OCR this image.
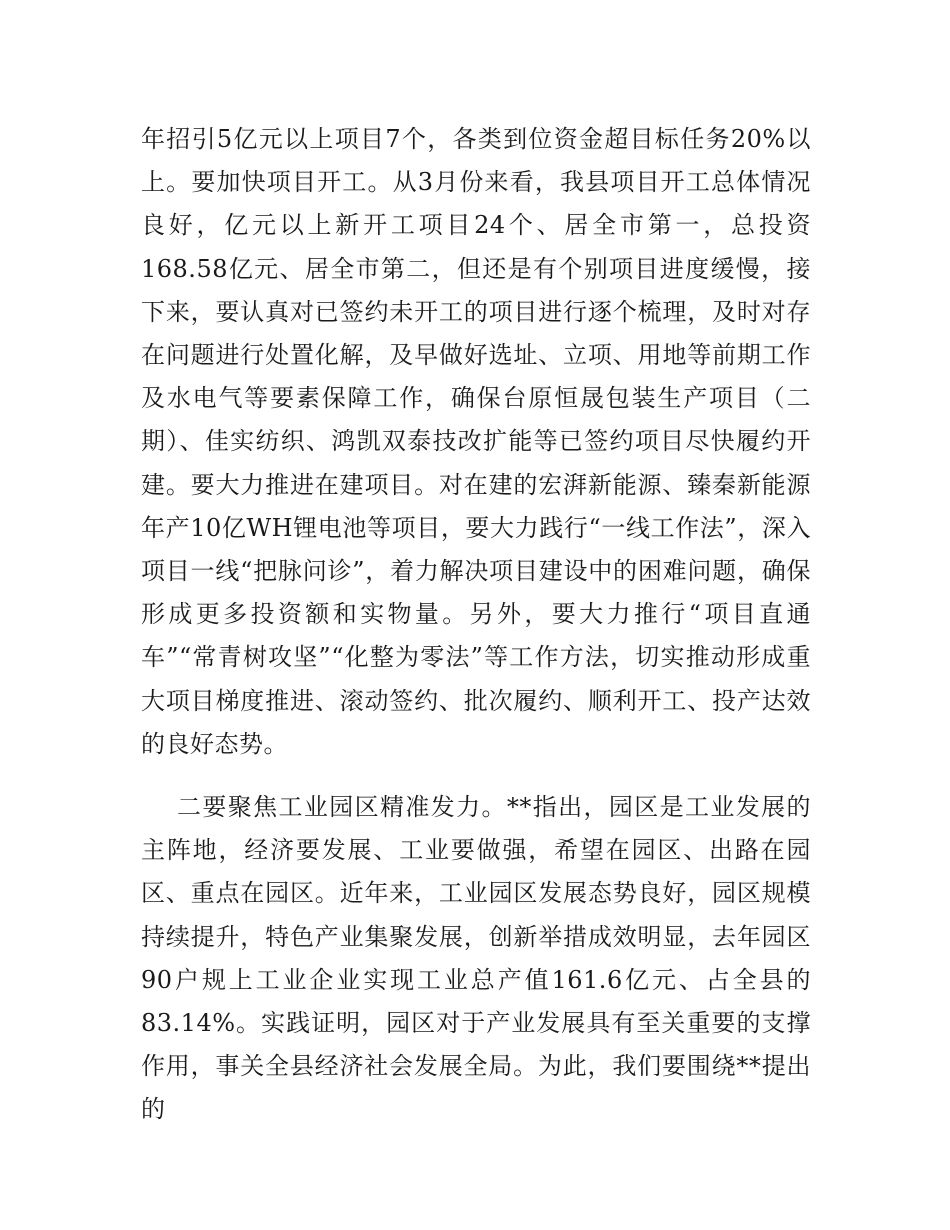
年招引5亿元以上项目7个，各类到位资金超目标任务20%以上。要加快项目开工。从3月份来看，我县项目开工总体情况良好，亿元以上新开工项目24个、居全市第一，总投资168.58亿元、居全市第二，但还是有个别项目进度缓慢，接下来，要认真对已签约未开工的项目进行逐个梳理，及时对存在问题进行处置化解，及早做好选址、立项、用地等前期工作及水电气等要素保障工作，确保台原恒晟包装生产项目（二期）、佳实纺织、鸿凯双泰技改扩能等已签约项目尽快履约开建。要大力推进在建项目。对在建的宏湃新能源、臻秦新能源年产10亿WH锂电池等项目，要大力践行“一线工作法”，深入项目一线“把脉问诊”，着力解决项目建设中的困难问题，确保形成更多投资额和实物量。另外，要大力推行“项目直通车”“常青树攻坚”“化整为零法”等工作方法，切实推动形成重大项目梯度推进、滚动签约、批次履约、顺利开工、投产达效的良好态势。

二要聚焦工业园区精准发力。**指出，园区是工业发展的主阵地，经济要发展、工业要做强，希望在园区、出路在园区、重点在园区。近年来，工业园区发展态势良好，园区规模持续提升，特色产业集聚发展，创新举措成效明显，去年园区90户规上工业企业实现工业总产值161.6亿元、占全县的83.14%。实践证明，园区对于产业发展具有至关重要的支撑作用，事关全县经济社会发展全局。为此，我们要围绕**提出的
